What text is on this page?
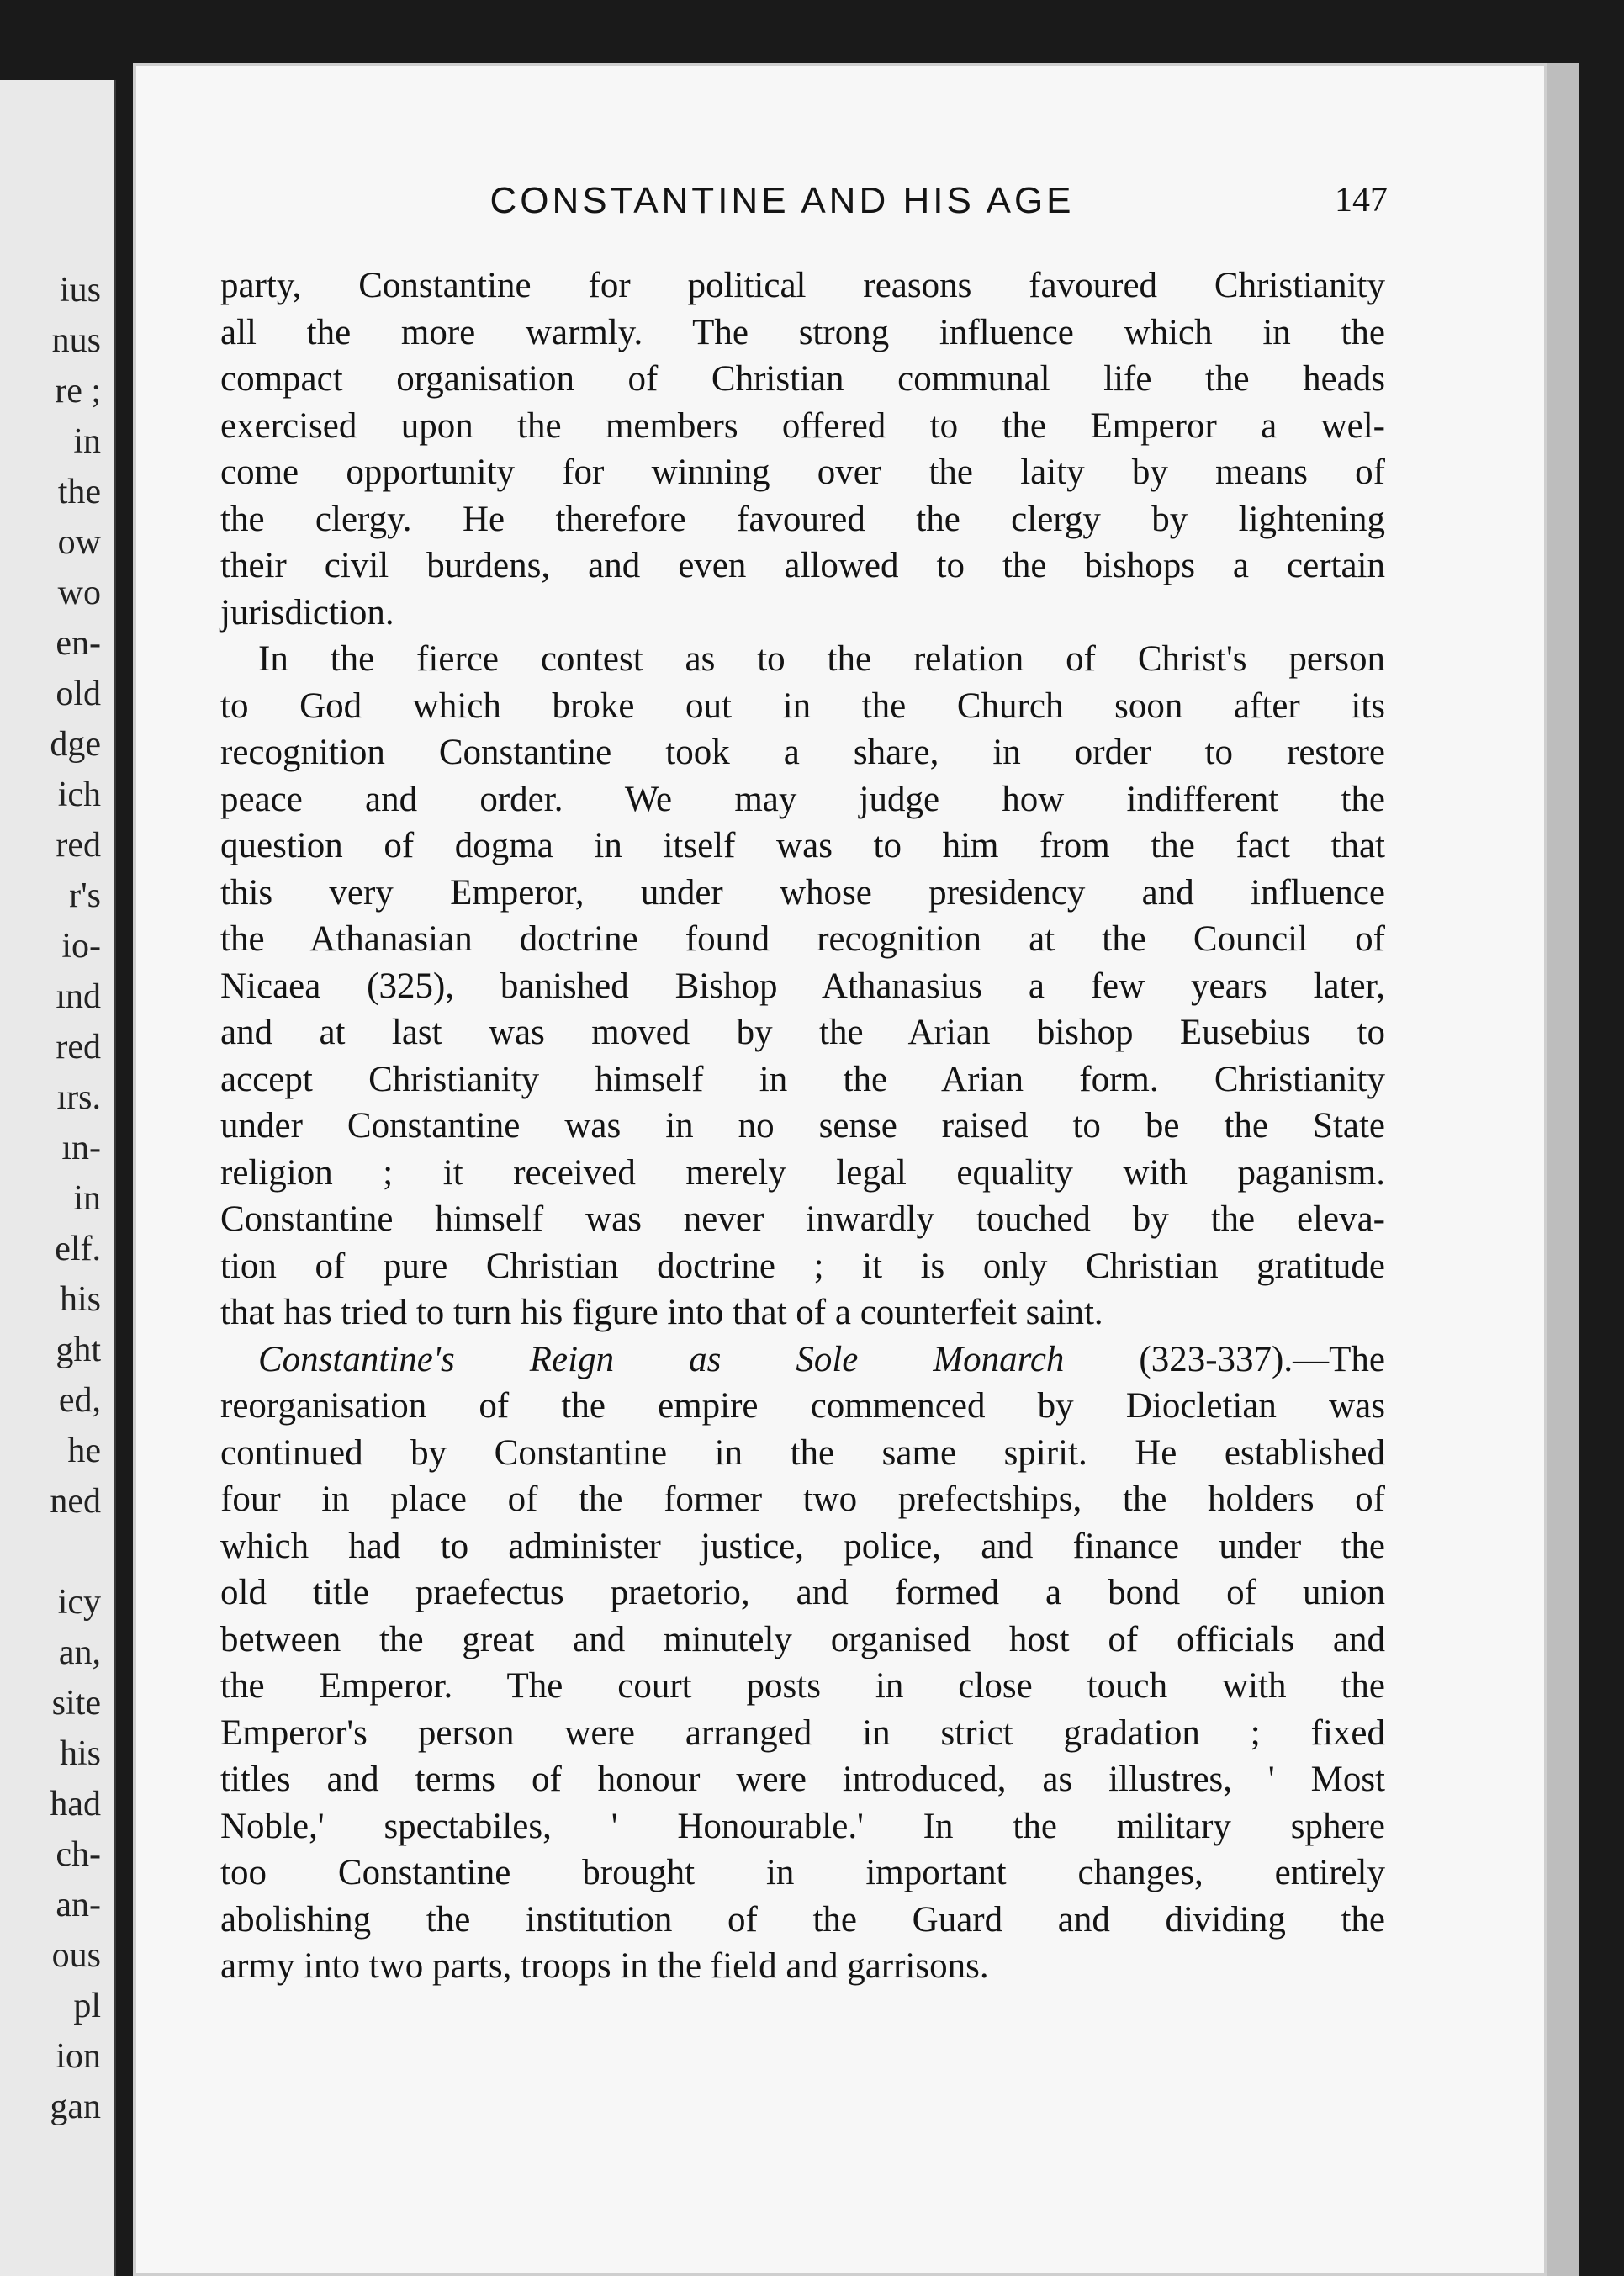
ius
nus
re ;
in
the
ow
wo
en-
old
dge
ich
red
r's
io-
ınd
red
ırs.
ın-
in
elf.
his
ght
ed,
he
ned
icy
an,
site
his
had
ch-
an-
ous
pl
ion
gan
CONSTANTINE AND HIS AGE	147
party, Constantine for political reasons favoured Christianity
all the more warmly. The strong influence which in the
compact organisation of Christian communal life the heads
exercised upon the members offered to the Emperor a wel-
come opportunity for winning over the laity by means of
the clergy. He therefore favoured the clergy by lightening
their civil burdens, and even allowed to the bishops a certain
jurisdiction.
In the fierce contest as to the relation of Christ's person
to God which broke out in the Church soon after its
recognition Constantine took a share, in order to restore
peace and order. We may judge how indifferent the
question of dogma in itself was to him from the fact that
this very Emperor, under whose presidency and influence
the Athanasian doctrine found recognition at the Council of
Nicaea (325), banished Bishop Athanasius a few years later,
and at last was moved by the Arian bishop Eusebius to
accept Christianity himself in the Arian form. Christianity
under Constantine was in no sense raised to be the State
religion ; it received merely legal equality with paganism.
Constantine himself was never inwardly touched by the eleva-
tion of pure Christian doctrine ; it is only Christian gratitude
that has tried to turn his figure into that of a counterfeit saint.
Constantine's Reign as Sole Monarch (323-337).—The
reorganisation of the empire commenced by Diocletian was
continued by Constantine in the same spirit. He established
four in place of the former two prefectships, the holders of
which had to administer justice, police, and finance under the
old title praefectus praetorio, and formed a bond of union
between the great and minutely organised host of officials and
the Emperor. The court posts in close touch with the
Emperor's person were arranged in strict gradation ; fixed
titles and terms of honour were introduced, as illustres, ' Most
Noble,' spectabiles, ' Honourable.' In the military sphere
too Constantine brought in important changes, entirely
abolishing the institution of the Guard and dividing the
army into two parts, troops in the field and garrisons.
